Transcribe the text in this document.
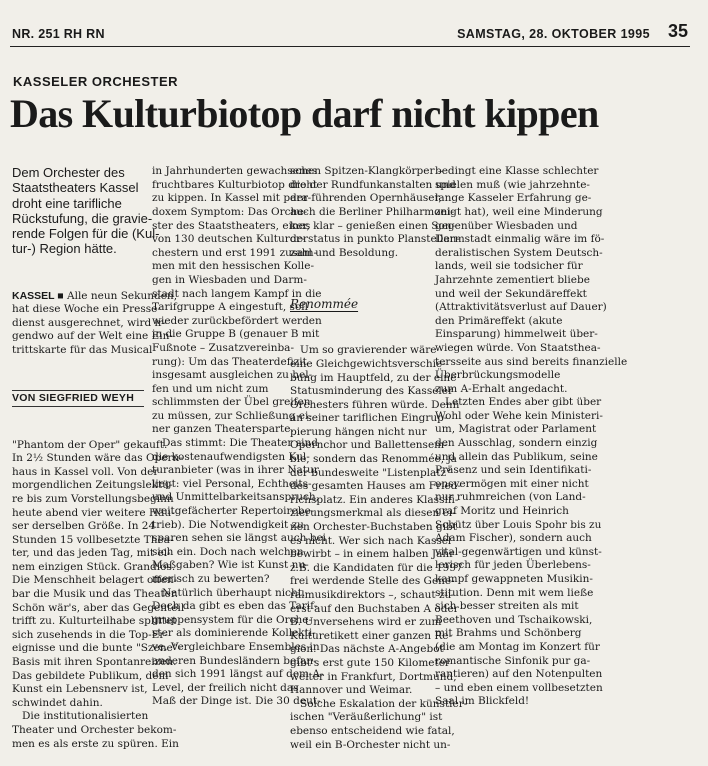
NR. 251 RH RN	SAMSTAG, 28. OKTOBER 1995 35
KASSELER ORCHESTER
Das Kulturbiotop darf nicht kippen

Dem Orchester des
Staatstheaters Kassel
droht eine tarifliche
Rückstufung, die gravie-
rende Folgen für die (Kul-
tur-) Region hätte.

KASSEL ■ Alle neun Sekunden,
hat diese Woche ein Presse-
dienst ausgerechnet, wird ir-
gendwo auf der Welt eine Ein-
trittskarte für das Musical

VON SIEGFRIED WEYH

"Phantom der Oper" gekauft.
In 2½ Stunden wäre das Opern-
haus in Kassel voll. Von der
morgendlichen Zeitungslektü-
re bis zum Vorstellungsbeginn
heute abend vier weitere Häu-
ser derselben Größe. In 24
Stunden 15 vollbesetzte Thea-
ter, und das jeden Tag, mit ei-
nem einzigen Stück. Grandios.
Die Menschheit belagert offen-
bar die Musik und das Theater.
Schön wär's, aber das Gegenteil
trifft zu. Kulturteilhabe splittet
sich zusehends in die Top-Er-
eignisse und die bunte "Szene"-
Basis mit ihren Spontanreizen.
Das gebildete Publikum, dem
Kunst ein Lebensnerv ist,
schwindet dahin.
Die institutionalisierten
Theater und Orchester bekom-
men es als erste zu spüren. Ein

in Jahrhunderten gewachsenes
fruchtbares Kulturbiotop droht
zu kippen. In Kassel mit para-
doxem Symptom: Das Orche-
ster des Staatstheaters, eines
von 130 deutschen Kulturor-
chestern und erst 1991 zusam-
men mit den hessischen Kolle-
gen in Wiesbaden und Darm-
stadt nach langem Kampf in die
Tarifgruppe A eingestuft, soll
wieder zurückbefördert werden
in die Gruppe B (genauer B mit
Fußnote – Zusatzvereinba-
rung): Um das Theaterdefizit
insgesamt ausgleichen zu hel-
fen und um nicht zum
schlimmsten der Übel greifen
zu müssen, zur Schließung ei-
ner ganzen Theatersparte.
Das stimmt: Die Theater sind
die kostenaufwendigsten Kul-
turanbieter (was in ihrer Natur
liegt: viel Personal, Echtheits-
und Unmittelbarkeitsanspruch,
weitgefächerter Repertoirebe-
trieb). Die Notwendigkeit zu
sparen sehen sie längst auch bei
sich ein. Doch nach welchen
Maßgaben? Wie ist Kunst nu-
merisch zu bewerten?
Natürlich überhaupt nicht.
Doch da gibt es eben das Tarif-
gruppensystem für die Orche-
ster als dominierende Kollekti-
ve. Vergleichbare Ensembles in
anderen Bundesländern befan-
den sich 1991 längst auf dem A-
Level, der freilich nicht das
Maß der Dinge ist. Die 30 deut-

schen Spitzen-Klangkörper –
die der Rundfunkanstalten und
der führenden Opernhäuser,
auch die Berliner Philharmoni-
ker, klar – genießen einen Son-
derstatus in punkto Planstellen-
zahl und Besoldung.

Renommée

Um so gravierender wäre
eine Gleichgewichtsverschie-
bung im Hauptfeld, zu der eine
Statusminderung des Kasseler
Orchesters führen würde. Denn
an seiner tariflichen Eingrup-
pierung hängen nicht nur
Opernchor und Ballettensem-
ble, sondern das Renommée, ja
der bundesweite "Listenplatz"
des gesamten Hauses am Fried-
richsplatz. Ein anderes Klassifi-
zierungsmerkmal als diesen ei-
nen Orchester-Buchstaben gibt
es nicht. Wer sich nach Kassel
bewirbt – in einem halben Jahr
z.B. die Kandidaten für die 1997
frei werdende Stelle des Gene-
ralmusikdirektors –, schaut zu-
erst auf den Buchstaben A oder
B. Unversehens wird er zum
Kulturetikett einer ganzen Re-
gion. Das nächste A-Angebot
gibt's erst gute 150 Kilometer
weiter in Frankfurt, Dortmund,
Hannover und Weimar.
Solche Eskalation der künstler-
ischen "Veräußerlichung" ist
ebenso entscheidend wie fatal,
weil ein B-Orchester nicht un-

bedingt eine Klasse schlechter
spielen muß (wie jahrzehnte-
lange Kasseler Erfahrung ge-
zeigt hat), weil eine Minderung
gegenüber Wiesbaden und
Darmstadt einmalig wäre im fö-
deralistischen System Deutsch-
lands, weil sie todsicher für
Jahrzehnte zementiert bliebe
und weil der Sekundäreffekt
(Attraktivitätsverlust auf Dauer)
den Primäreffekt (akute
Einsparung) himmelweit über-
wiegen würde. Von Staatsthea-
tersseite aus sind bereits finanzielle
Überbrückungsmodelle
zum A-Erhalt angedacht.
Letzten Endes aber gibt über
Wohl oder Wehe kein Ministeri-
um, Magistrat oder Parlament
den Ausschlag, sondern einzig
und allein das Publikum, seine
Präsenz und sein Identifikati-
onsvermögen mit einer nicht
nur ruhmreichen (von Land-
graf Moritz und Heinrich
Schütz über Louis Spohr bis zu
Adam Fischer), sondern auch
vital-gegenwärtigen und künst-
lerisch für jeden Überlebens-
kampf gewappneten Musikin-
stitution. Denn mit wem ließe
sich besser streiten als mit
Beethoven und Tschaikowski,
mit Brahms und Schönberg
(die am Montag im Konzert für
romantische Sinfonik pur ga-
rantieren) auf den Notenpulten
– und eben einem vollbesetzten
Saal im Blickfeld!
